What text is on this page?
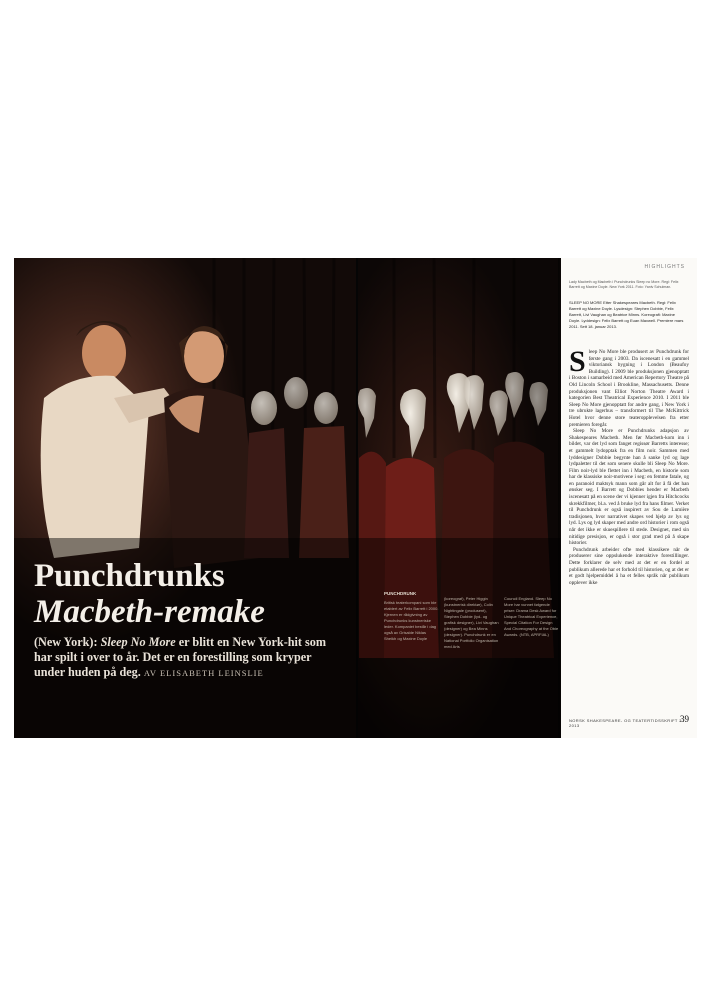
Punchdrunks
Macbeth-remake

(New York): Sleep No More er blitt en New York-hit som har spilt i over to år. Det er en forestilling som kryper under huden på deg. AV ELISABETH LEINSLIE

PUNCHDRUNK
Britisk teaterkompani som ble etablert av Felix Barrett i 2000. Kjernen er rådgivning av Punchdrunks kunstneriske leder. Kompaniet består i dag også av Grisalde Niklas Sheikh og Maxine Doyle
(koreograf), Peter Higgin (kunstnerisk direktør), Colin Nightingale (produsent), Stephen Dobbie (lyd- og grafisk designer), Livi Vaughan (designer) og Bea Minns (designer). Punchdrunk er en National Portfolio Organisation med Arts
Council England. Sleep No More har vunnet følgende priser: Drama Desk Award for Unique Theatrical Experience, Special Citation For Design And Choreography at the Obie Awards. (NTB, APRFIAL)
HIGHLIGHTS
Lady Macbeth og Macbeth i Punchdrunks Sleep no More. Regi: Felix Barrett og Maxine Doyle. New York 2011. Foto: Yaniv Schulman.
SLEEP NO MORE Etter Shakespeares Macbeth. Regi: Felix Barrett og Maxine Doyle. Lysdesign: Stephen Dobbie, Felix Barrett, Livi Vaughan og Beatrice Minns. Koreografi: Maxine Doyle. Lyddesign: Felix Barrett og Euan Maxwell. Premiere mars 2011. Sett 18. januar 2013.
S leep No More ble produsert av Punchdrunk for første gang i 2003. Da iscenesatt i en gammel viktoriansk bygning i London (Beaufoy Building). I 2009 ble produksjonen gjenopptatt i Boston i samarbeid med American Repertory Theatre på Old Lincoln School i Brookline, Massachusetts. Denne produksjonen vant Elliot Norton Theatre Award i kategorien Best Theatrical Experience 2010. I 2011 ble Sleep No More gjenopptatt for andre gang, i New York i tre ubrukte lagerhus – transformert til The McKittrick Hotel hvor denne store teateropplevelsen fra etter premieren foregår.

Sleep No More er Punchdrunks adapsjon av Shakespeares Macbeth. Men før Macbeth-kom inn i bildet, var det lyd som fanget regissør Barretts interesse; et gammelt lydopptak fra en film noir. Sammen med lyddesigner Dobbie begynte han å sanke lyd og lage lydpaletter til det som senere skulle bli Sleep No More. Film noir-lyd ble flettet inn i Macbeth, en historie som har de klassiske noir-motivene i seg: en femme fatale, og en paranoid maktsyk mann som går alt for å få det han ønsker seg. I Barrett og Dobbies hender er Macbeth iscenesatt på en scene der vi kjenner igjen fra Hitchcocks skrekkfilmer, bl.a. ved å bruke lyd fra hans filmer. Verket til Punchdrunk er også inspirert av Sou de Lumière tradisjonen, hvor narrativet skapes ved hjelp av lys og lyd. Lys og lyd skaper med andre ord historier i rom også når det ikke er skuespillere til stede. Designet, med sin nitidige presisjon, er også i stor grad med på å skape historier.

Punchdrunk arbeider ofte med klassikere når de produserer sine oppslukende interaktive forestillinger. Dette forklarer de selv med at det er en fordel at publikum allerede har et forhold til historien, og at det er et godt hjelpemiddel å ha et felles språk når publikum opplever ikke

NORSK SHAKESPEARE- OG TEATERTIDSSKRIFT 2 / 2013
39
